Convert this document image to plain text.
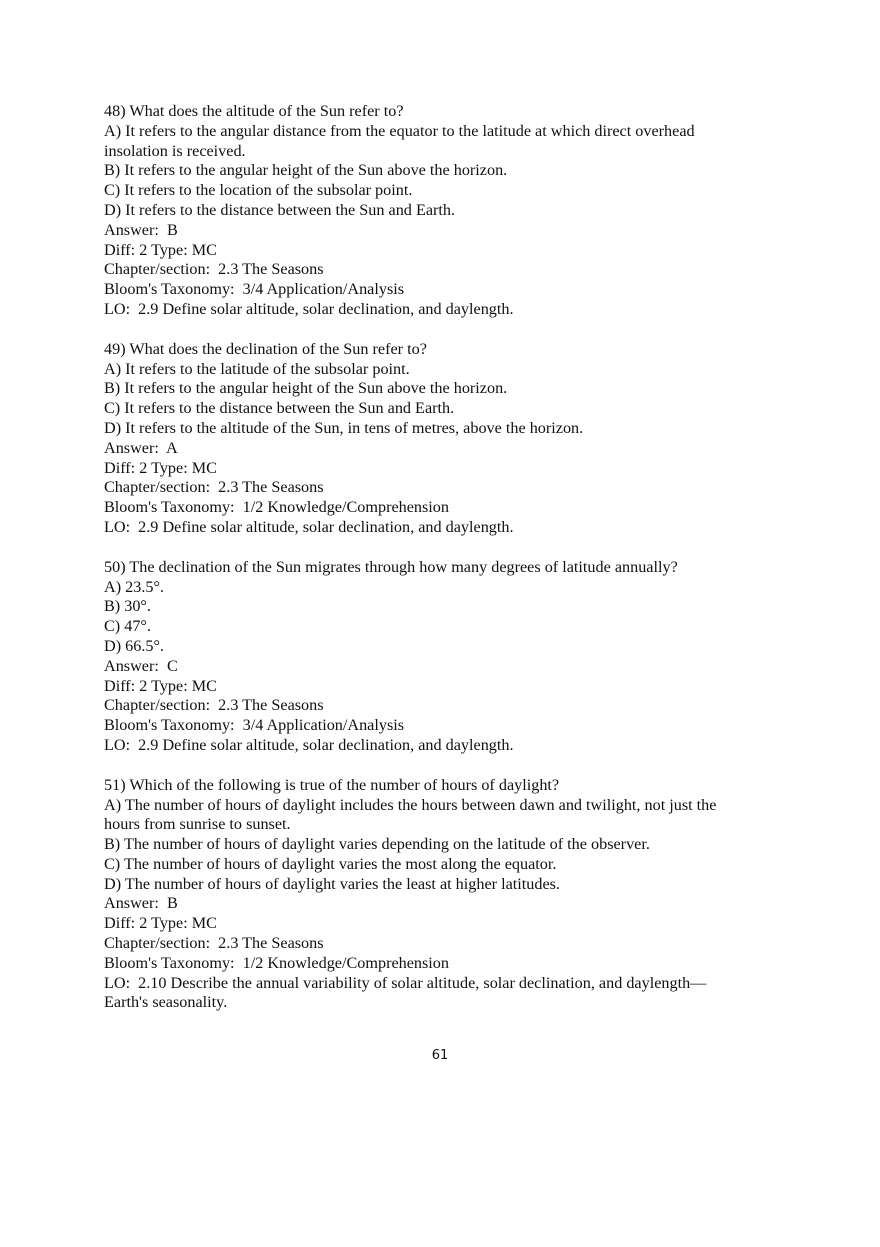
48) What does the altitude of the Sun refer to?
A) It refers to the angular distance from the equator to the latitude at which direct overhead
insolation is received.
B) It refers to the angular height of the Sun above the horizon.
C) It refers to the location of the subsolar point.
D) It refers to the distance between the Sun and Earth.
Answer:  B
Diff: 2 Type: MC
Chapter/section:  2.3 The Seasons
Bloom's Taxonomy:  3/4 Application/Analysis
LO:  2.9 Define solar altitude, solar declination, and daylength.
49) What does the declination of the Sun refer to?
A) It refers to the latitude of the subsolar point.
B) It refers to the angular height of the Sun above the horizon.
C) It refers to the distance between the Sun and Earth.
D) It refers to the altitude of the Sun, in tens of metres, above the horizon.
Answer:  A
Diff: 2 Type: MC
Chapter/section:  2.3 The Seasons
Bloom's Taxonomy:  1/2 Knowledge/Comprehension
LO:  2.9 Define solar altitude, solar declination, and daylength.
50) The declination of the Sun migrates through how many degrees of latitude annually?
A) 23.5°.
B) 30°.
C) 47°.
D) 66.5°.
Answer:  C
Diff: 2 Type: MC
Chapter/section:  2.3 The Seasons
Bloom's Taxonomy:  3/4 Application/Analysis
LO:  2.9 Define solar altitude, solar declination, and daylength.
51) Which of the following is true of the number of hours of daylight?
A) The number of hours of daylight includes the hours between dawn and twilight, not just the
hours from sunrise to sunset.
B) The number of hours of daylight varies depending on the latitude of the observer.
C) The number of hours of daylight varies the most along the equator.
D) The number of hours of daylight varies the least at higher latitudes.
Answer:  B
Diff: 2 Type: MC
Chapter/section:  2.3 The Seasons
Bloom's Taxonomy:  1/2 Knowledge/Comprehension
LO:  2.10 Describe the annual variability of solar altitude, solar declination, and daylength—
Earth's seasonality.
61
